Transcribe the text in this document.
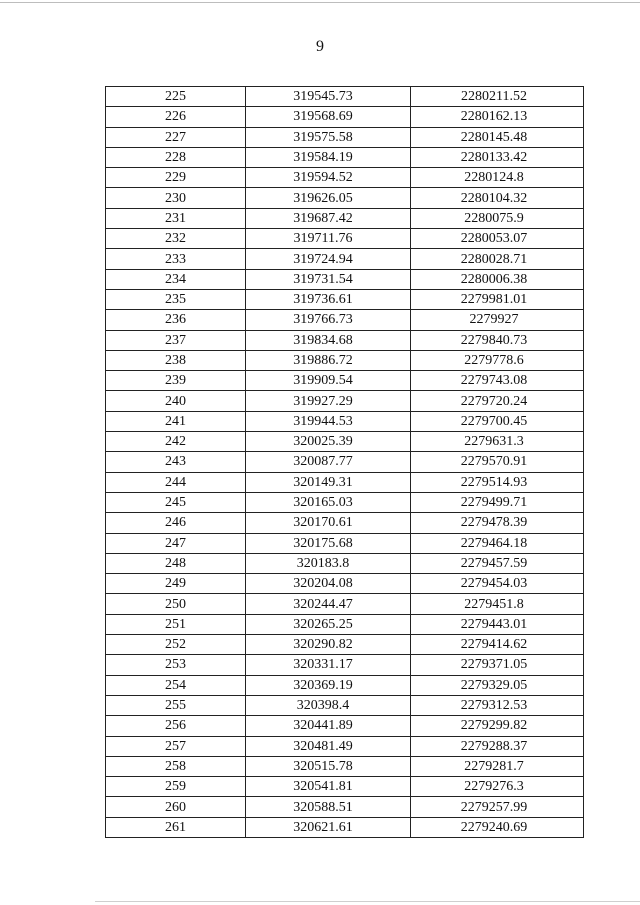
9
225	319545.73	2280211.52
226	319568.69	2280162.13
227	319575.58	2280145.48
228	319584.19	2280133.42
229	319594.52	2280124.8
230	319626.05	2280104.32
231	319687.42	2280075.9
232	319711.76	2280053.07
233	319724.94	2280028.71
234	319731.54	2280006.38
235	319736.61	2279981.01
236	319766.73	2279927
237	319834.68	2279840.73
238	319886.72	2279778.6
239	319909.54	2279743.08
240	319927.29	2279720.24
241	319944.53	2279700.45
242	320025.39	2279631.3
243	320087.77	2279570.91
244	320149.31	2279514.93
245	320165.03	2279499.71
246	320170.61	2279478.39
247	320175.68	2279464.18
248	320183.8	2279457.59
249	320204.08	2279454.03
250	320244.47	2279451.8
251	320265.25	2279443.01
252	320290.82	2279414.62
253	320331.17	2279371.05
254	320369.19	2279329.05
255	320398.4	2279312.53
256	320441.89	2279299.82
257	320481.49	2279288.37
258	320515.78	2279281.7
259	320541.81	2279276.3
260	320588.51	2279257.99
261	320621.61	2279240.69
